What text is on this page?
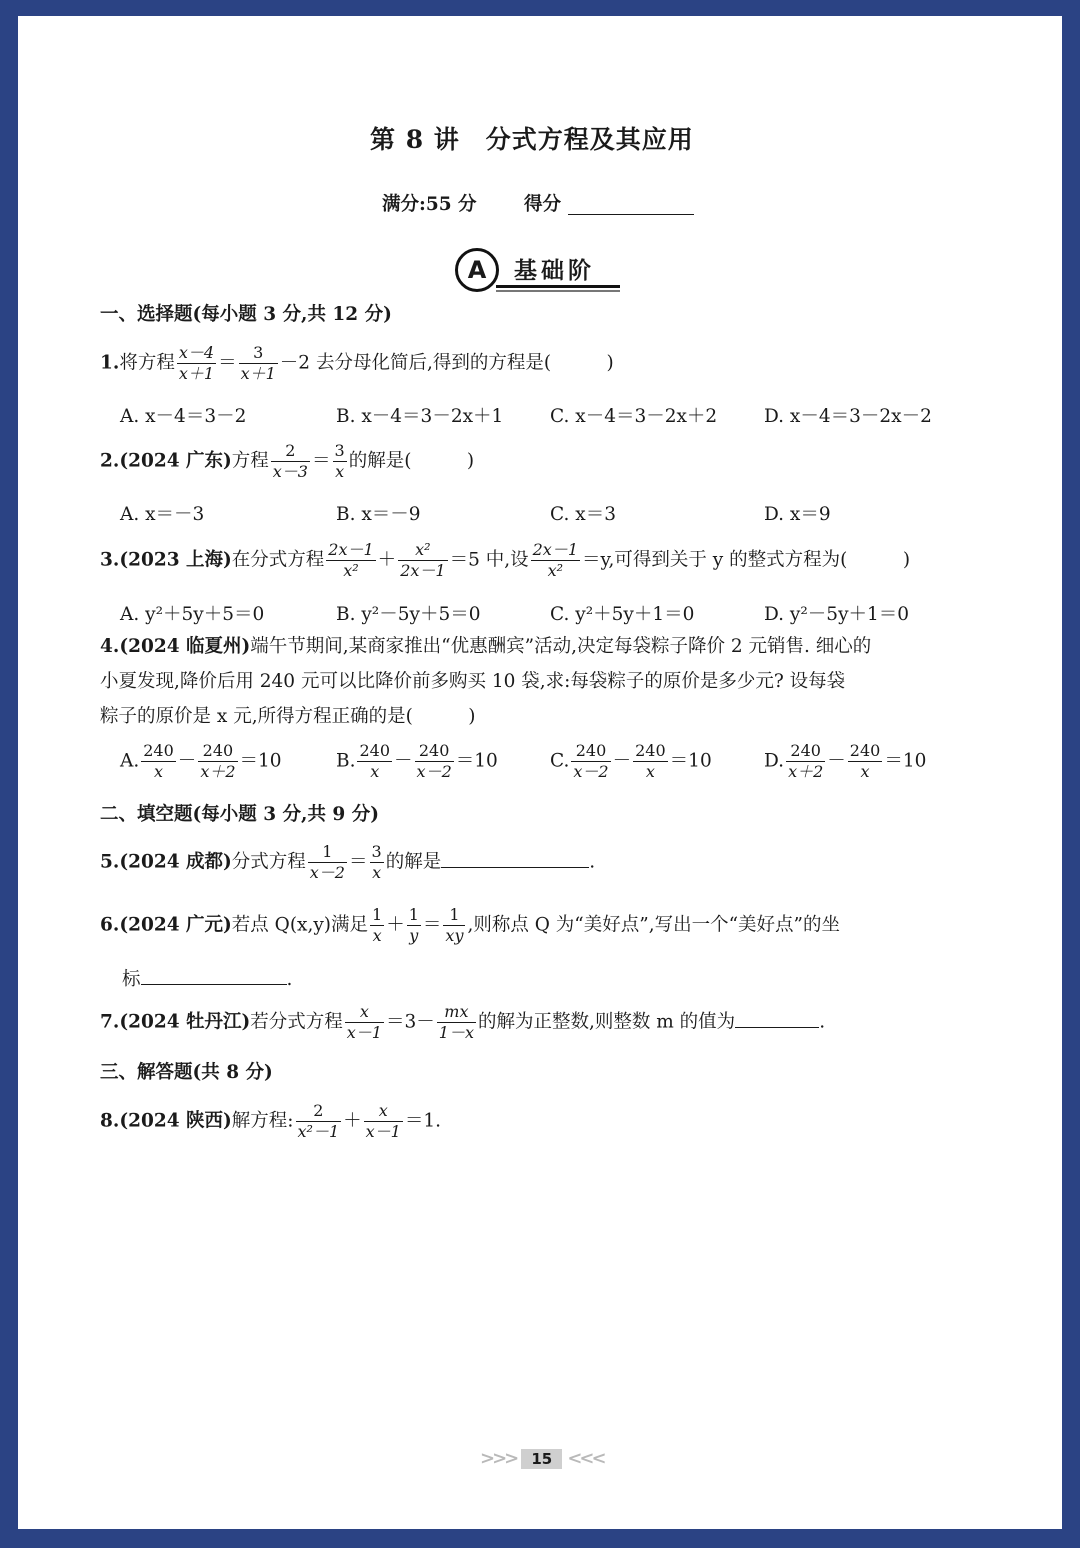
第 8 讲　分式方程及其应用
满分:55 分	得分
A	基础阶
一、选择题(每小题 3 分,共 12 分)
1.将方程 $\frac{x-4}{x+1} = \frac{3}{x+1} -2$ 去分母化简后,得到的方程是(　　　)
A. x－4＝3－2	B. x－4＝3－2x＋1	C. x－4＝3－2x＋2	D. x－4＝3－2x－2
2.(2024 广东)方程 $\frac{2}{x-3} = \frac{3}{x}$ 的解是(　　　)
A. x＝－3	B. x＝－9	C. x＝3	D. x＝9
3.(2023 上海)在分式方程 $\frac{2x-1}{\text{x²}} + \frac{\text{x²}}{2x-1} =5$ 中,设 $\frac{2x-1}{\text{x²}} =y$,可得到关于 y 的整式方程为(　　　)
A. y²＋5y＋5＝0	B. y²－5y＋5＝0	C. y²＋5y＋1＝0	D. y²－5y＋1＝0
4.(2024 临夏州)端午节期间,某商家推出“优惠酬宾”活动,决定每袋粽子降价 2 元销售. 细心的
小夏发现,降价后用 240 元可以比降价前多购买 10 袋,求:每袋粽子的原价是多少元? 设每袋
粽子的原价是 x 元,所得方程正确的是(　　　)
A. $\frac{240}{x} - \frac{240}{x+2} =10$	B. $\frac{240}{x} - \frac{240}{x-2} =10$	C. $\frac{240}{x-2} - \frac{240}{x} =10$	D. $\frac{240}{x+2} - \frac{240}{x} =10$
二、填空题(每小题 3 分,共 9 分)
5.(2024 成都)分式方程 $\frac{1}{x-2} = \frac{3}{x}$ 的解是	.
6.(2024 广元)若点 Q(x,y)满足 $\frac{1}{x} + \frac{1}{y} = \frac{1}{xy}$ ,则称点 Q 为“美好点”,写出一个“美好点”的坐
标	.
7.(2024 牡丹江)若分式方程 $\frac{x}{x-1} =3- \frac{mx}{1-x}$ 的解为正整数,则整数 m 的值为	.
三、解答题(共 8 分)
8.(2024 陕西)解方程: $\frac{2}{\text{x²－1}} + \frac{x}{x-1} =1$.
>>> 15 <<<
